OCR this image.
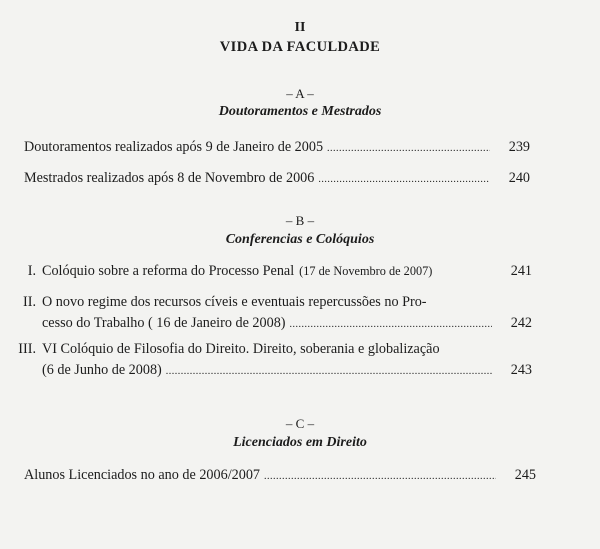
II
VIDA DA FACULDADE
– A –
Doutoramentos e Mestrados
Doutoramentos realizados após 9 de Janeiro de 2005 .....	239
Mestrados realizados após 8 de Novembro de 2006 .....	240
– B –
Conferencias e Colóquios
I. Colóquio sobre a reforma do Processo Penal (17 de Novembro de 2007)	241
II. O novo regime dos recursos cíveis e eventuais repercussões no Pro-
cesso do Trabalho ( 16 de Janeiro de 2008) .....	242
III. VI Colóquio de Filosofia do Direito. Direito, soberania e globalização
(6 de Junho de 2008) .....	243
– C –
Licenciados em Direito
Alunos Licenciados no ano de 2006/2007 .....	245
